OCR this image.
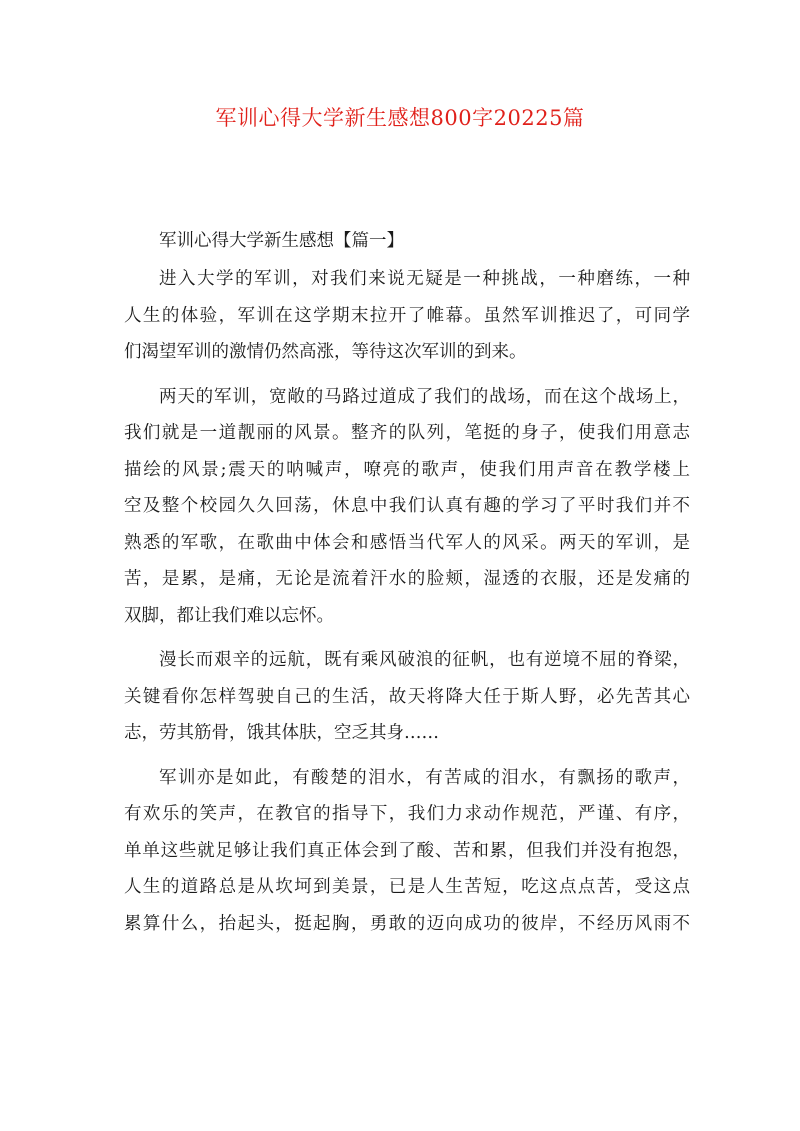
军训心得大学新生感想800字20225篇
军训心得大学新生感想【篇一】
进入大学的军训，对我们来说无疑是一种挑战，一种磨练，一种
人生的体验，军训在这学期末拉开了帷幕。虽然军训推迟了，可同学
们渴望军训的激情仍然高涨，等待这次军训的到来。
两天的军训，宽敞的马路过道成了我们的战场，而在这个战场上，
我们就是一道靓丽的风景。整齐的队列，笔挺的身子，使我们用意志
描绘的风景;震天的呐喊声，嘹亮的歌声，使我们用声音在教学楼上
空及整个校园久久回荡，休息中我们认真有趣的学习了平时我们并不
熟悉的军歌，在歌曲中体会和感悟当代军人的风采。两天的军训，是
苦，是累，是痛，无论是流着汗水的脸颊，湿透的衣服，还是发痛的
双脚，都让我们难以忘怀。
漫长而艰辛的远航，既有乘风破浪的征帆，也有逆境不屈的脊梁，
关键看你怎样驾驶自己的生活，故天将降大任于斯人野，必先苦其心
志，劳其筋骨，饿其体肤，空乏其身……
军训亦是如此，有酸楚的泪水，有苦咸的泪水，有飘扬的歌声，
有欢乐的笑声，在教官的指导下，我们力求动作规范，严谨、有序，
单单这些就足够让我们真正体会到了酸、苦和累，但我们并没有抱怨，
人生的道路总是从坎坷到美景，已是人生苦短，吃这点点苦，受这点
累算什么，抬起头，挺起胸，勇敢的迈向成功的彼岸，不经历风雨不
